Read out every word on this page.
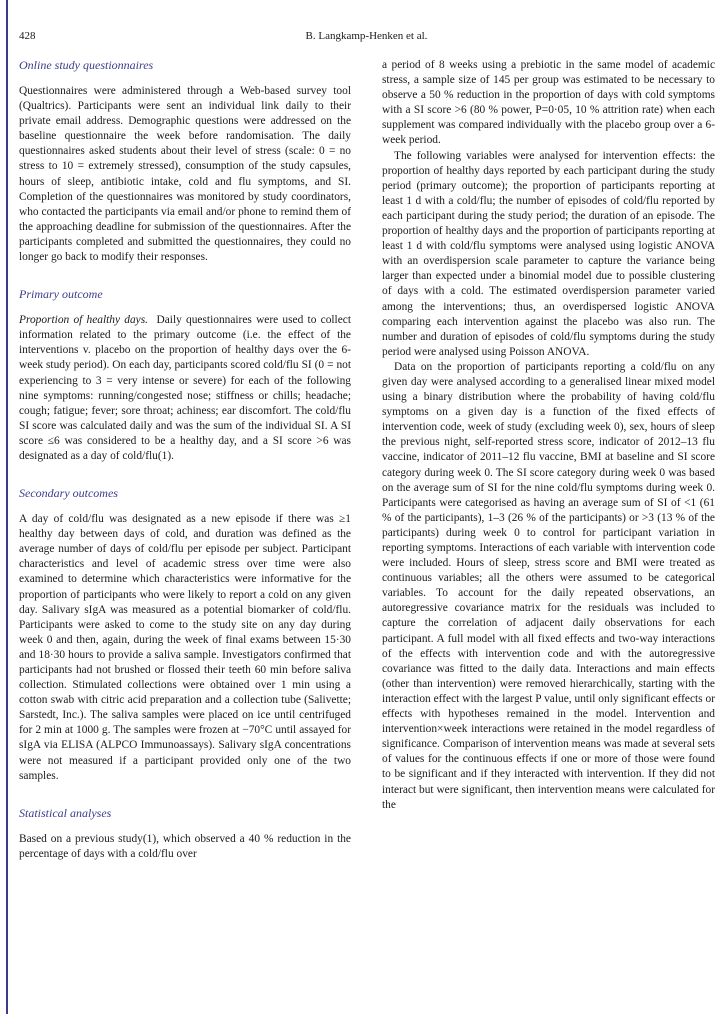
428	B. Langkamp-Henken et al.
Online study questionnaires

Questionnaires were administered through a Web-based survey tool (Qualtrics). Participants were sent an individual link daily to their private email address. Demographic questions were addressed on the baseline questionnaire the week before randomisation. The daily questionnaires asked students about their level of stress (scale: 0 = no stress to 10 = extremely stressed), consumption of the study capsules, hours of sleep, antibiotic intake, cold and flu symptoms, and SI. Completion of the questionnaires was monitored by study coordinators, who contacted the participants via email and/or phone to remind them of the approaching deadline for submission of the questionnaires. After the participants completed and submitted the questionnaires, they could no longer go back to modify their responses.

Primary outcome

Proportion of healthy days. Daily questionnaires were used to collect information related to the primary outcome (i.e. the effect of the interventions v. placebo on the proportion of healthy days over the 6-week study period). On each day, participants scored cold/flu SI (0 = not experiencing to 3 = very intense or severe) for each of the following nine symptoms: running/congested nose; stiffness or chills; headache; cough; fatigue; fever; sore throat; achiness; ear discomfort. The cold/flu SI score was calculated daily and was the sum of the individual SI. A SI score ≤6 was considered to be a healthy day, and a SI score >6 was designated as a day of cold/flu(1).

Secondary outcomes

A day of cold/flu was designated as a new episode if there was ≥1 healthy day between days of cold, and duration was defined as the average number of days of cold/flu per episode per subject. Participant characteristics and level of academic stress over time were also examined to determine which characteristics were informative for the proportion of participants who were likely to report a cold on any given day. Salivary sIgA was measured as a potential biomarker of cold/flu. Participants were asked to come to the study site on any day during week 0 and then, again, during the week of final exams between 15·30 and 18·30 hours to provide a saliva sample. Investigators confirmed that participants had not brushed or flossed their teeth 60 min before saliva collection. Stimulated collections were obtained over 1 min using a cotton swab with citric acid preparation and a collection tube (Salivette; Sarstedt, Inc.). The saliva samples were placed on ice until centrifuged for 2 min at 1000 g. The samples were frozen at −70°C until assayed for sIgA via ELISA (ALPCO Immunoassays). Salivary sIgA concentrations were not measured if a participant provided only one of the two samples.

Statistical analyses

Based on a previous study(1), which observed a 40 % reduction in the percentage of days with a cold/flu over

a period of 8 weeks using a prebiotic in the same model of academic stress, a sample size of 145 per group was estimated to be necessary to observe a 50 % reduction in the proportion of days with cold symptoms with a SI score >6 (80 % power, P=0·05, 10 % attrition rate) when each supplement was compared individually with the placebo group over a 6-week period.

The following variables were analysed for intervention effects: the proportion of healthy days reported by each participant during the study period (primary outcome); the proportion of participants reporting at least 1 d with a cold/flu; the number of episodes of cold/flu reported by each participant during the study period; the duration of an episode. The proportion of healthy days and the proportion of participants reporting at least 1 d with cold/flu symptoms were analysed using logistic ANOVA with an overdispersion scale parameter to capture the variance being larger than expected under a binomial model due to possible clustering of days with a cold. The estimated overdispersion parameter varied among the interventions; thus, an overdispersed logistic ANOVA comparing each intervention against the placebo was also run. The number and duration of episodes of cold/flu symptoms during the study period were analysed using Poisson ANOVA.

Data on the proportion of participants reporting a cold/flu on any given day were analysed according to a generalised linear mixed model using a binary distribution where the probability of having cold/flu symptoms on a given day is a function of the fixed effects of intervention code, week of study (excluding week 0), sex, hours of sleep the previous night, self-reported stress score, indicator of 2012–13 flu vaccine, indicator of 2011–12 flu vaccine, BMI at baseline and SI score category during week 0. The SI score category during week 0 was based on the average sum of SI for the nine cold/flu symptoms during week 0. Participants were categorised as having an average sum of SI of <1 (61 % of the participants), 1–3 (26 % of the participants) or >3 (13 % of the participants) during week 0 to control for participant variation in reporting symptoms. Interactions of each variable with intervention code were included. Hours of sleep, stress score and BMI were treated as continuous variables; all the others were assumed to be categorical variables. To account for the daily repeated observations, an autoregressive covariance matrix for the residuals was included to capture the correlation of adjacent daily observations for each participant. A full model with all fixed effects and two-way interactions of the effects with intervention code and with the autoregressive covariance was fitted to the daily data. Interactions and main effects (other than intervention) were removed hierarchically, starting with the interaction effect with the largest P value, until only significant effects or effects with hypotheses remained in the model. Intervention and intervention×week interactions were retained in the model regardless of significance. Comparison of intervention means was made at several sets of values for the continuous effects if one or more of those were found to be significant and if they interacted with intervention. If they did not interact but were significant, then intervention means were calculated for the
